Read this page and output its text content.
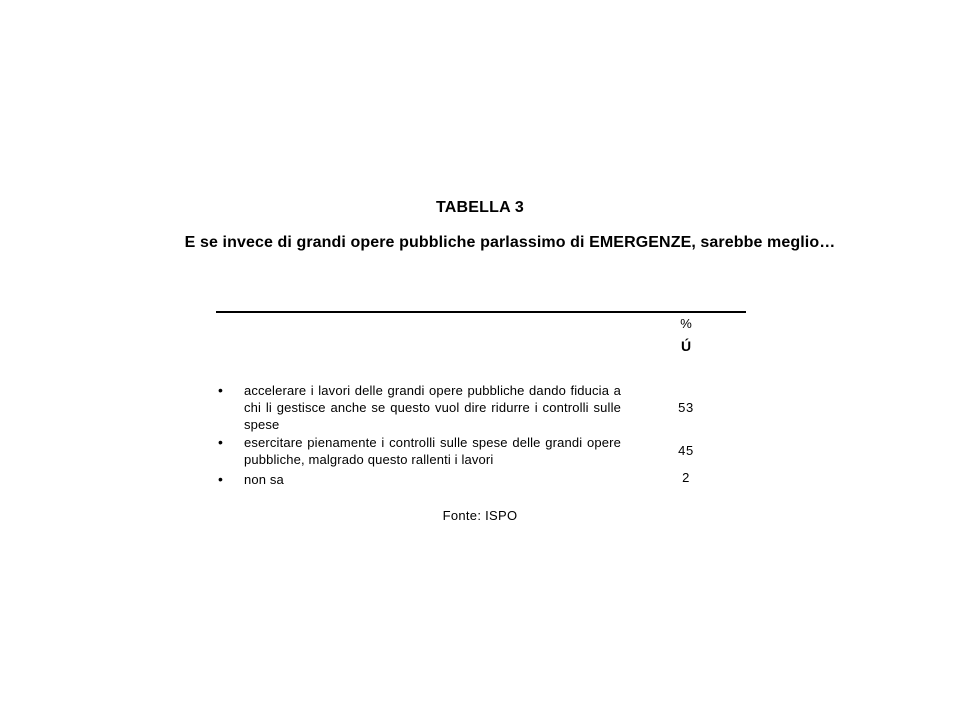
TABELLA 3
E se invece di grandi opere pubbliche parlassimo di EMERGENZE, sarebbe meglio…
%
Ú
• accelerare i lavori delle grandi opere pubbliche dando fiducia a chi li gestisce anche se questo vuol dire ridurre i controlli sulle spese
53
• esercitare pienamente i controlli sulle spese delle grandi opere pubbliche, malgrado questo rallenti i lavori
45
• non sa	2
Fonte: ISPO
